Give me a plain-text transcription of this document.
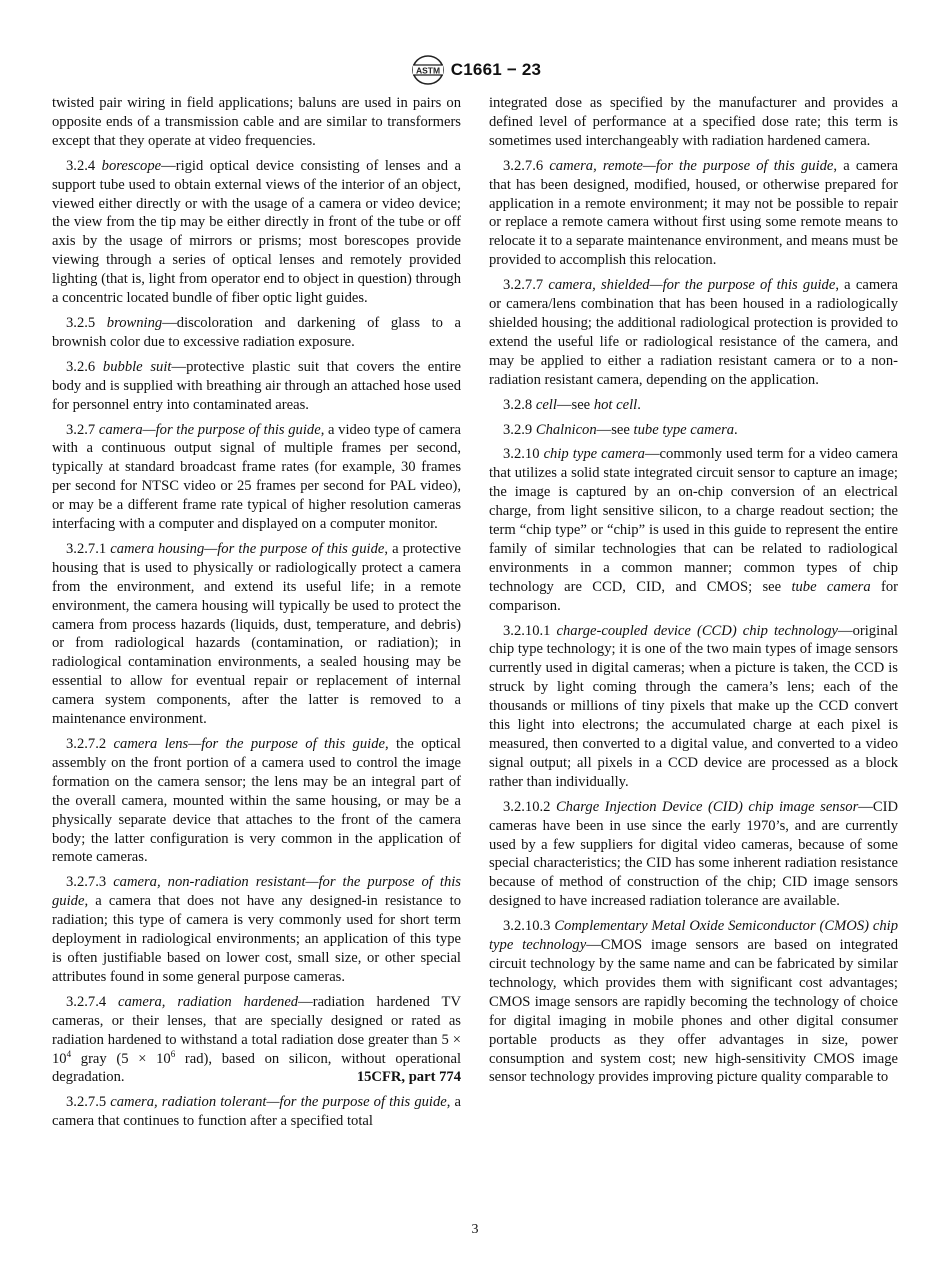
ASTM C1661 − 23

twisted pair wiring in field applications; baluns are used in pairs on opposite ends of a transmission cable and are similar to transformers except that they operate at video frequencies.

3.2.4 borescope—rigid optical device consisting of lenses and a support tube used to obtain external views of the interior of an object, viewed either directly or with the usage of a camera or video device; the view from the tip may be either directly in front of the tube or off axis by the usage of mirrors or prisms; most borescopes provide viewing through a series of optical lenses and remotely provided lighting (that is, light from operator end to object in question) through a concentric located bundle of fiber optic light guides.

3.2.5 browning—discoloration and darkening of glass to a brownish color due to excessive radiation exposure.

3.2.6 bubble suit—protective plastic suit that covers the entire body and is supplied with breathing air through an attached hose used for personnel entry into contaminated areas.

3.2.7 camera—for the purpose of this guide, a video type of camera with a continuous output signal of multiple frames per second, typically at standard broadcast frame rates (for example, 30 frames per second for NTSC video or 25 frames per second for PAL video), or may be a different frame rate typical of higher resolution cameras interfacing with a computer and displayed on a computer monitor.

3.2.7.1 camera housing—for the purpose of this guide, a protective housing that is used to physically or radiologically protect a camera from the environment, and extend its useful life; in a remote environment, the camera housing will typically be used to protect the camera from process hazards (liquids, dust, temperature, and debris) or from radiological hazards (contamination, or radiation); in radiological contamination environments, a sealed housing may be essential to allow for eventual repair or replacement of internal camera system components, after the latter is removed to a maintenance environment.

3.2.7.2 camera lens—for the purpose of this guide, the optical assembly on the front portion of a camera used to control the image formation on the camera sensor; the lens may be an integral part of the overall camera, mounted within the same housing, or may be a physically separate device that attaches to the front of the camera body; the latter configuration is very common in the application of remote cameras.

3.2.7.3 camera, non-radiation resistant—for the purpose of this guide, a camera that does not have any designed-in resistance to radiation; this type of camera is very commonly used for short term deployment in radiological environments; an application of this type is often justifiable based on lower cost, small size, or other special attributes found in some general purpose cameras.

3.2.7.4 camera, radiation hardened—radiation hardened TV cameras, or their lenses, that are specially designed or rated as radiation hardened to withstand a total radiation dose greater than $5 \times 10^4$ gray ($5 \times 10^6$ rad), based on silicon, without operational degradation.	15CFR, part 774

3.2.7.5 camera, radiation tolerant—for the purpose of this guide, a camera that continues to function after a specified total

integrated dose as specified by the manufacturer and provides a defined level of performance at a specified dose rate; this term is sometimes used interchangeably with radiation hardened camera.

3.2.7.6 camera, remote—for the purpose of this guide, a camera that has been designed, modified, housed, or otherwise prepared for application in a remote environment; it may not be possible to repair or replace a remote camera without first using some remote means to relocate it to a separate maintenance environment, and means must be provided to accomplish this relocation.

3.2.7.7 camera, shielded—for the purpose of this guide, a camera or camera/lens combination that has been housed in a radiologically shielded housing; the additional radiological protection is provided to extend the useful life or radiological resistance of the camera, and may be applied to either a radiation resistant camera or to a non-radiation resistant camera, depending on the application.

3.2.8 cell—see hot cell.

3.2.9 Chalnicon—see tube type camera.

3.2.10 chip type camera—commonly used term for a video camera that utilizes a solid state integrated circuit sensor to capture an image; the image is captured by an on-chip conversion of an electrical charge, from light sensitive silicon, to a charge readout section; the term “chip type” or “chip” is used in this guide to represent the entire family of similar technologies that can be related to radiological environments in a common manner; common types of chip technology are CCD, CID, and CMOS; see tube camera for comparison.

3.2.10.1 charge-coupled device (CCD) chip technology—original chip type technology; it is one of the two main types of image sensors currently used in digital cameras; when a picture is taken, the CCD is struck by light coming through the camera’s lens; each of the thousands or millions of tiny pixels that make up the CCD convert this light into electrons; the accumulated charge at each pixel is measured, then converted to a digital value, and converted to a video signal output; all pixels in a CCD device are processed as a block rather than individually.

3.2.10.2 Charge Injection Device (CID) chip image sensor—CID cameras have been in use since the early 1970’s, and are currently used by a few suppliers for digital video cameras, because of some special characteristics; the CID has some inherent radiation resistance because of method of construction of the chip; CID image sensors designed to have increased radiation tolerance are available.

3.2.10.3 Complementary Metal Oxide Semiconductor (CMOS) chip type technology—CMOS image sensors are based on integrated circuit technology by the same name and can be fabricated by similar technology, which provides them with significant cost advantages; CMOS image sensors are rapidly becoming the technology of choice for digital imaging in mobile phones and other digital consumer portable products as they offer advantages in size, power consumption and system cost; new high-sensitivity CMOS image sensor technology provides improving picture quality comparable to

3
